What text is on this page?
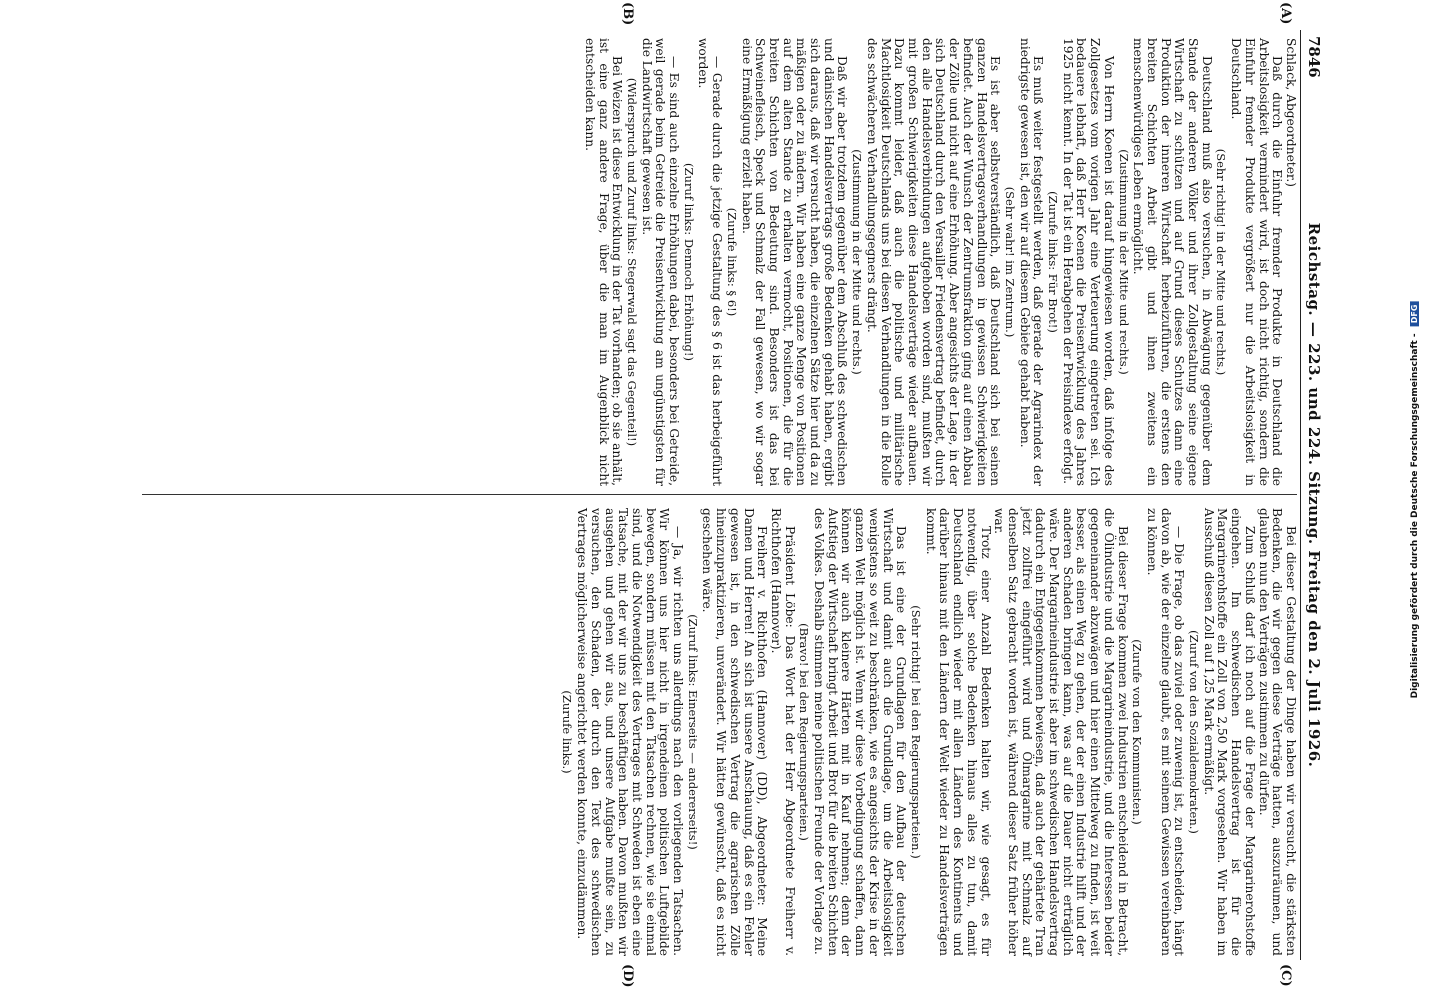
7846
Reichstag. — 223. und 224. Sitzung. Freitag den 2. Juli 1926.
(A)
(B)
(C)
(D)

Schlack, Abgeordneter.)

Daß durch die Einfuhr fremder Produkte in Deutschland die Arbeitslosigkeit vermindert wird, ist doch nicht richtig, sondern die Einfuhr fremder Produkte vergrößert nur die Arbeitslosigkeit in Deutschland.

(Sehr richtig! in der Mitte und rechts.)

Deutschland muß also versuchen, in Abwägung gegenüber dem Stande der anderen Völker und ihrer Zollgestaltung seine eigene Wirtschaft zu schützen und auf Grund dieses Schutzes dann eine Produktion der inneren Wirtschaft herbeizuführen, die erstens den breiten Schichten Arbeit gibt und ihnen zweitens ein menschenwürdiges Leben ermöglicht.

(Zustimmung in der Mitte und rechts.)

Von Herrn Koenen ist darauf hingewiesen worden, daß infolge des Zollgesetzes vom vorigen Jahr eine Verteuerung eingetreten sei. Ich bedauere lebhaft, daß Herr Koenen die Preisentwicklung des Jahres 1925 nicht kennt. In der Tat ist ein Herabgehen der Preisindexe erfolgt.

(Zurufe links: Für Brot!)

Es muß weiter festgestellt werden, daß gerade der Agrarindex der niedrigste gewesen ist, den wir auf diesem Gebiete gehabt haben.

(Sehr wahr! im Zentrum.)

Es ist aber selbstverständlich, daß Deutschland sich bei seinen ganzen Handelsvertragsverhandlungen in gewissen Schwierigkeiten befindet. Auch der Wunsch der Zentrumsfraktion ging auf einen Abbau der Zölle und nicht auf eine Erhöhung. Aber angesichts der Lage, in der sich Deutschland durch den Versailler Friedensvertrag befindet, durch den alle Handelsverbindungen aufgehoben worden sind, mußten wir mit großen Schwierigkeiten diese Handelsverträge wieder aufbauen. Dazu kommt leider, daß auch die politische und militärische Machtlosigkeit Deutschlands uns bei diesen Verhandlungen in die Rolle des schwächeren Verhandlungsgegners drängt.

(Zustimmung in der Mitte und rechts.)

Daß wir aber trotzdem gegenüber dem Abschluß des schwedischen und dänischen Handelsvertrags große Bedenken gehabt haben, ergibt sich daraus, daß wir versucht haben, die einzelnen Sätze hier und da zu mäßigen oder zu ändern. Wir haben eine ganze Menge von Positionen auf dem alten Stande zu erhalten vermocht, Positionen, die für die breiten Schichten von Bedeutung sind. Besonders ist das bei Schweinefleisch, Speck und Schmalz der Fall gewesen, wo wir sogar eine Ermäßigung erzielt haben.

(Zurufe links: § 6!)

— Gerade durch die jetzige Gestaltung des § 6 ist das herbeigeführt worden.

(Zuruf links: Dennoch Erhöhung!)

— Es sind auch einzelne Erhöhungen dabei, besonders bei Getreide, weil gerade beim Getreide die Preisentwicklung am ungünstigsten für die Landwirtschaft gewesen ist.

(Widerspruch und Zuruf links: Stegerwald sagt das Gegenteil!)

Bei Weizen ist diese Entwicklung in der Tat vorhanden; ob sie anhält, ist eine ganz andere Frage, über die man im Augenblick nicht entscheiden kann.

Bei dieser Gestaltung der Dinge haben wir versucht, die stärksten Bedenken, die wir gegen diese Verträge hatten, auszuräumen, und glauben nun den Verträgen zustimmen zu dürfen.

Zum Schluß darf ich noch auf die Frage der Margarinerohstoffe eingehen. Im schwedischen Handelsvertrag ist für die Margarinerohstoffe ein Zoll von 2,50 Mark vorgesehen. Wir haben im Ausschuß diesen Zoll auf 1,25 Mark ermäßigt.

(Zuruf von den Sozialdemokraten.)

— Die Frage, ob das zuviel oder zuwenig ist, zu entscheiden, hängt davon ab, wie der einzelne glaubt, es mit seinem Gewissen vereinbaren zu können.

(Zurufe von den Kommunisten.)

Bei dieser Frage kommen zwei Industrien entscheidend in Betracht, die Ölindustrie und die Margarineindustrie, und die Interessen beider gegeneinander abzuwägen und hier einen Mittelweg zu finden, ist weit besser, als einen Weg zu gehen, der der einen Industrie hilft und der anderen Schaden bringen kann, was auf die Dauer nicht erträglich wäre. Der Margarineindustrie ist aber im schwedischen Handelsvertrag dadurch ein Entgegenkommen bewiesen, daß auch der gehärtete Tran jetzt zollfrei eingeführt wird und Ölmargarine mit Schmalz auf denselben Satz gebracht worden ist, während dieser Satz früher höher war.

Trotz einer Anzahl Bedenken halten wir, wie gesagt, es für notwendig, über solche Bedenken hinaus alles zu tun, damit Deutschland endlich wieder mit allen Ländern des Kontinents und darüber hinaus mit den Ländern der Welt wieder zu Handelsverträgen kommt.

(Sehr richtig! bei den Regierungsparteien.)

Das ist eine der Grundlagen für den Aufbau der deutschen Wirtschaft und damit auch die Grundlage, um die Arbeitslosigkeit wenigstens so weit zu beschränken, wie es angesichts der Krise in der ganzen Welt möglich ist. Wenn wir diese Vorbedingung schaffen, dann können wir auch kleinere Härten mit in Kauf nehmen; denn der Aufstieg der Wirtschaft bringt Arbeit und Brot für die breiten Schichten des Volkes. Deshalb stimmen meine politischen Freunde der Vorlage zu.

(Bravo! bei den Regierungsparteien.)

Präsident Löbe: Das Wort hat der Herr Abgeordnete Freiherr v. Richthofen (Hannover).

Freiherr v. Richthofen (Hannover) (DD), Abgeordneter: Meine Damen und Herren! An sich ist unsere Anschauung, daß es ein Fehler gewesen ist, in den schwedischen Vertrag die agrarischen Zölle hineinzupraktizieren, unverändert. Wir hätten gewünscht, daß es nicht geschehen wäre.

(Zuruf links: Einerseits — andererseits!)

— Ja, wir richten uns allerdings nach den vorliegenden Tatsachen. Wir können uns hier nicht in irgendeinen politischen Luftgebilde bewegen, sondern müssen mit den Tatsachen rechnen, wie sie einmal sind, und die Notwendigkeit des Vertrages mit Schweden ist eben eine Tatsache, mit der wir uns zu beschäftigen haben. Davon mußten wir ausgehen und gehen wir aus, und unsere Aufgabe mußte sein, zu versuchen, den Schaden, der durch den Text des schwedischen Vertrages möglicherweise angerichtet werden konnte, einzudämmen.

(Zurufe links.)

Digitalisierung gefördert durch die Deutsche Forschungsgemeinschaft - DFG
